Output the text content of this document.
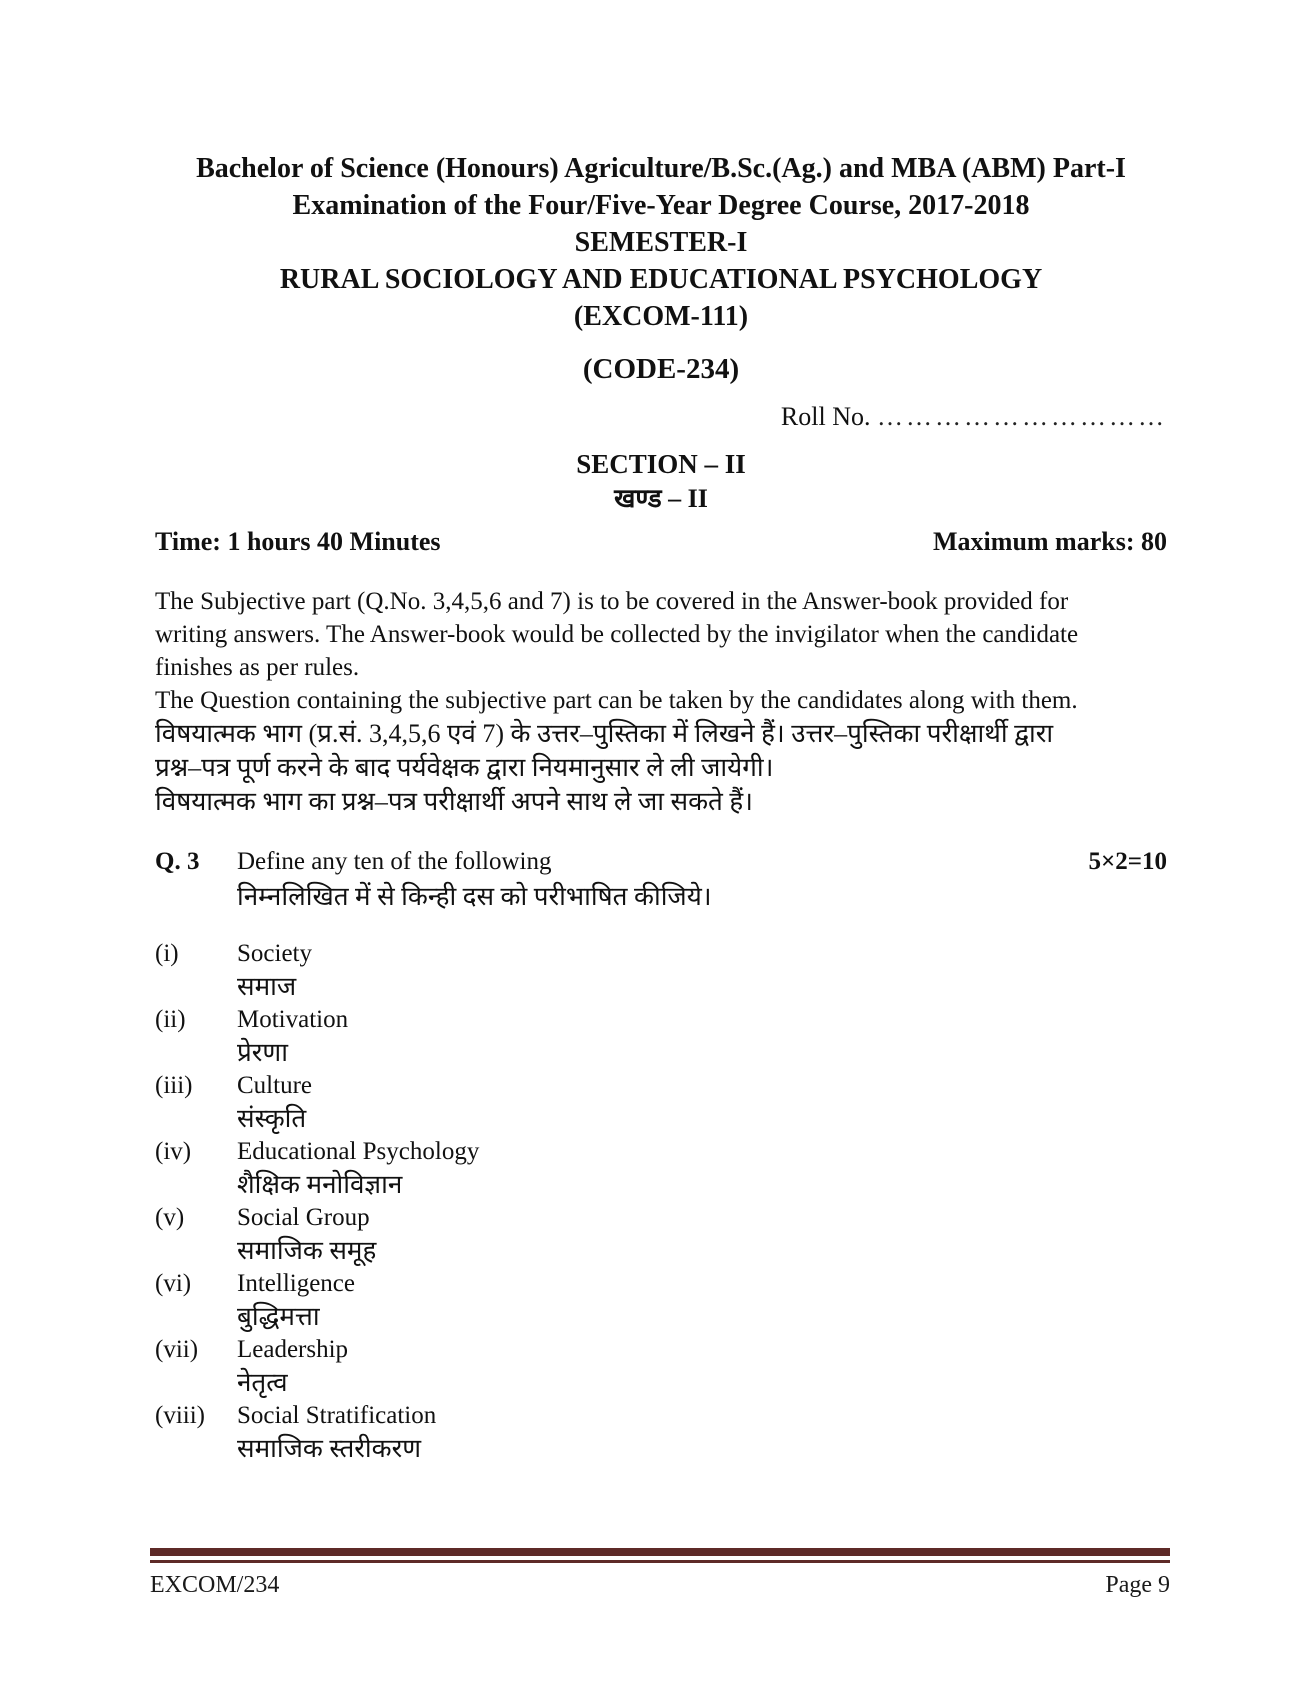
Bachelor of Science (Honours) Agriculture/B.Sc.(Ag.) and MBA (ABM) Part-I
Examination of the Four/Five-Year Degree Course, 2017-2018
SEMESTER-I
RURAL SOCIOLOGY AND EDUCATIONAL PSYCHOLOGY
(EXCOM-111)
(CODE-234)
Roll No. …………………………
SECTION – II
खण्ड – II
Time: 1 hours 40 Minutes	Maximum marks: 80
The Subjective part (Q.No. 3,4,5,6 and 7) is to be covered in the Answer-book provided for
writing answers. The Answer-book would be collected by the invigilator when the candidate
finishes as per rules.
The Question containing the subjective part can be taken by the candidates along with them.
विषयात्मक भाग (प्र.सं. 3,4,5,6 एवं 7) के उत्तर–पुस्तिका में लिखने हैं। उत्तर–पुस्तिका परीक्षार्थी द्वारा
प्रश्न–पत्र पूर्ण करने के बाद पर्यवेक्षक द्वारा नियमानुसार ले ली जायेगी।
विषयात्मक भाग का प्रश्न–पत्र परीक्षार्थी अपने साथ ले जा सकते हैं।
Q. 3	Define any ten of the following	5×2=10
निम्नलिखित में से किन्ही दस को परीभाषित कीजिये।
(i)	Society
समाज
(ii)	Motivation
प्रेरणा
(iii)	Culture
संस्कृति
(iv)	Educational Psychology
शैक्षिक मनोविज्ञान
(v)	Social Group
समाजिक समूह
(vi)	Intelligence
बुद्धिमत्ता
(vii)	Leadership
नेतृत्व
(viii)	Social Stratification
समाजिक स्तरीकरण
EXCOM/234	Page 9
